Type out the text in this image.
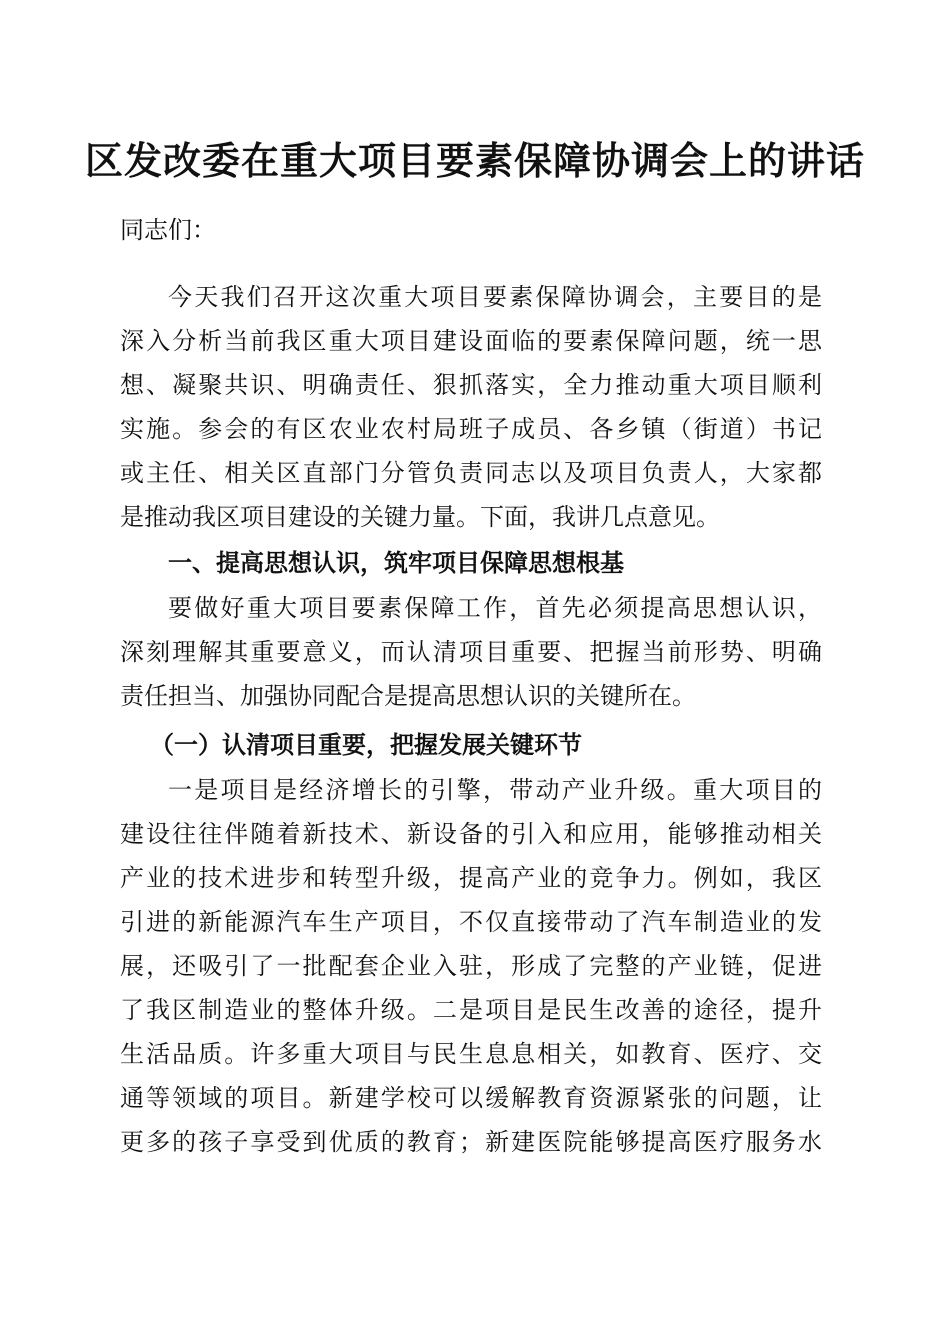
区发改委在重大项目要素保障协调会上的讲话
同志们：
今天我们召开这次重大项目要素保障协调会，主要目的是
深入分析当前我区重大项目建设面临的要素保障问题，统一思
想、凝聚共识、明确责任、狠抓落实，全力推动重大项目顺利
实施。参会的有区农业农村局班子成员、各乡镇（街道）书记
或主任、相关区直部门分管负责同志以及项目负责人，大家都
是推动我区项目建设的关键力量。下面，我讲几点意见。
一、提高思想认识，筑牢项目保障思想根基
要做好重大项目要素保障工作，首先必须提高思想认识，
深刻理解其重要意义，而认清项目重要、把握当前形势、明确
责任担当、加强协同配合是提高思想认识的关键所在。
（一）认清项目重要，把握发展关键环节
一是项目是经济增长的引擎，带动产业升级。重大项目的
建设往往伴随着新技术、新设备的引入和应用，能够推动相关
产业的技术进步和转型升级，提高产业的竞争力。例如，我区
引进的新能源汽车生产项目，不仅直接带动了汽车制造业的发
展，还吸引了一批配套企业入驻，形成了完整的产业链，促进
了我区制造业的整体升级。二是项目是民生改善的途径，提升
生活品质。许多重大项目与民生息息相关，如教育、医疗、交
通等领域的项目。新建学校可以缓解教育资源紧张的问题，让
更多的孩子享受到优质的教育；新建医院能够提高医疗服务水
